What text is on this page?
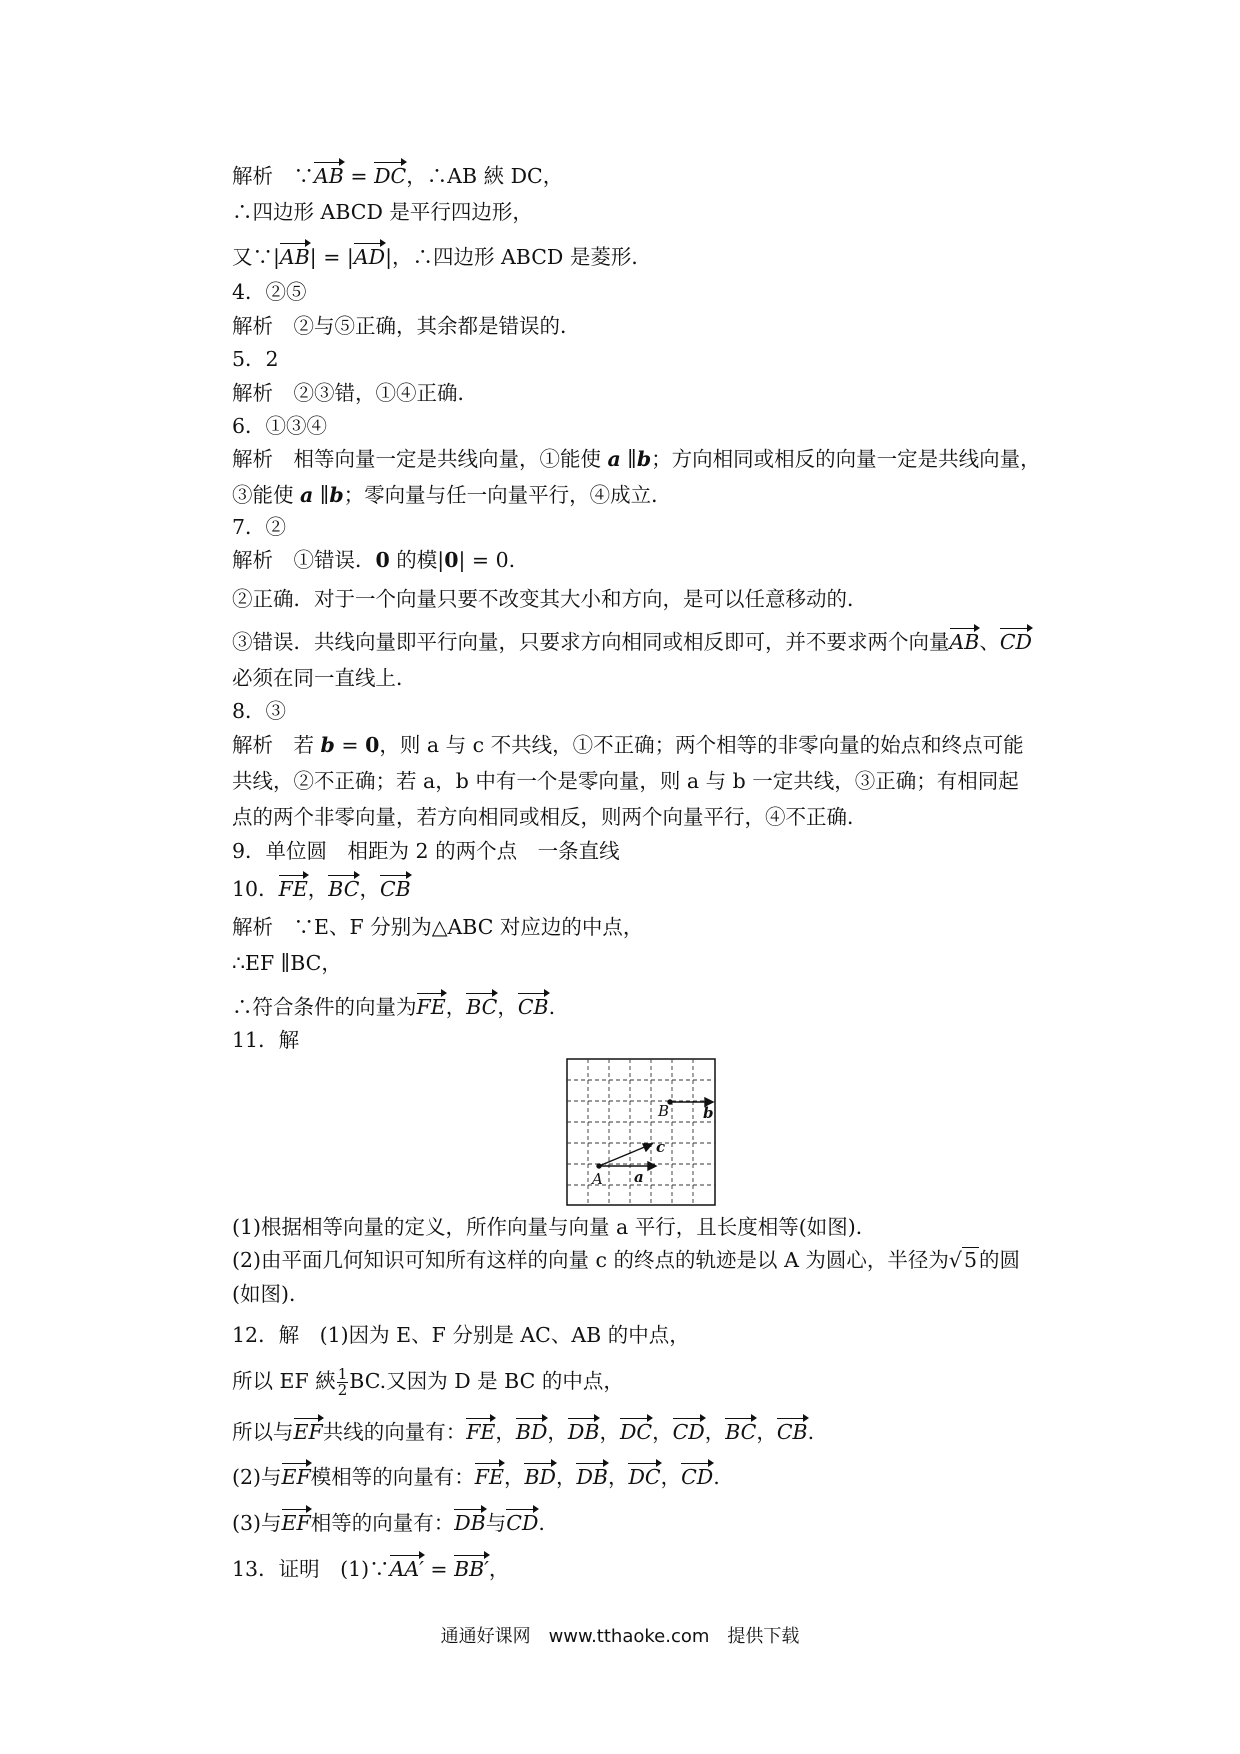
解析　∵AB = DC，∴AB 綊 DC，
∴四边形 ABCD 是平行四边形，
又∵|AB| = |AD|，∴四边形 ABCD 是菱形．
4．②⑤
解析　②与⑤正确，其余都是错误的．
5．2
解析　②③错，①④正确．
6．①③④
解析　相等向量一定是共线向量，①能使 a ∥b；方向相同或相反的向量一定是共线向量，
③能使 a ∥b；零向量与任一向量平行，④成立．
7．②
解析　①错误．0 的模|0| = 0.
②正确．对于一个向量只要不改变其大小和方向，是可以任意移动的．
③错误．共线向量即平行向量，只要求方向相同或相反即可，并不要求两个向量AB、CD
必须在同一直线上．
8．③
解析　若 b = 0，则 a 与 c 不共线，①不正确；两个相等的非零向量的始点和终点可能
共线，②不正确；若 a，b 中有一个是零向量，则 a 与 b 一定共线，③正确；有相同起
点的两个非零向量，若方向相同或相反，则两个向量平行，④不正确．
9．单位圆　相距为 2 的两个点　一条直线
10．FE，BC，CB
解析　∵E、F 分别为△ABC 对应边的中点，
∴EF ∥BC，
∴符合条件的向量为FE，BC，CB.
11．解
B b
c
A a
(1)根据相等向量的定义，所作向量与向量 a 平行，且长度相等(如图)．
(2)由平面几何知识可知所有这样的向量 c 的终点的轨迹是以 A 为圆心，半径为√5的圆
(如图)．
12．解　(1)因为 E、F 分别是 AC、AB 的中点，
所以 EF 綊 $\frac{1}{2}$ BC.又因为 D 是 BC 的中点，
所以与EF共线的向量有：FE，BD，DB，DC，CD，BC，CB.
(2)与EF模相等的向量有：FE，BD，DB，DC，CD.
(3)与EF相等的向量有：DB与CD.
13．证明　(1)∵AA′ = BB′，
通通好课网　www.tthaoke.com　提供下载
